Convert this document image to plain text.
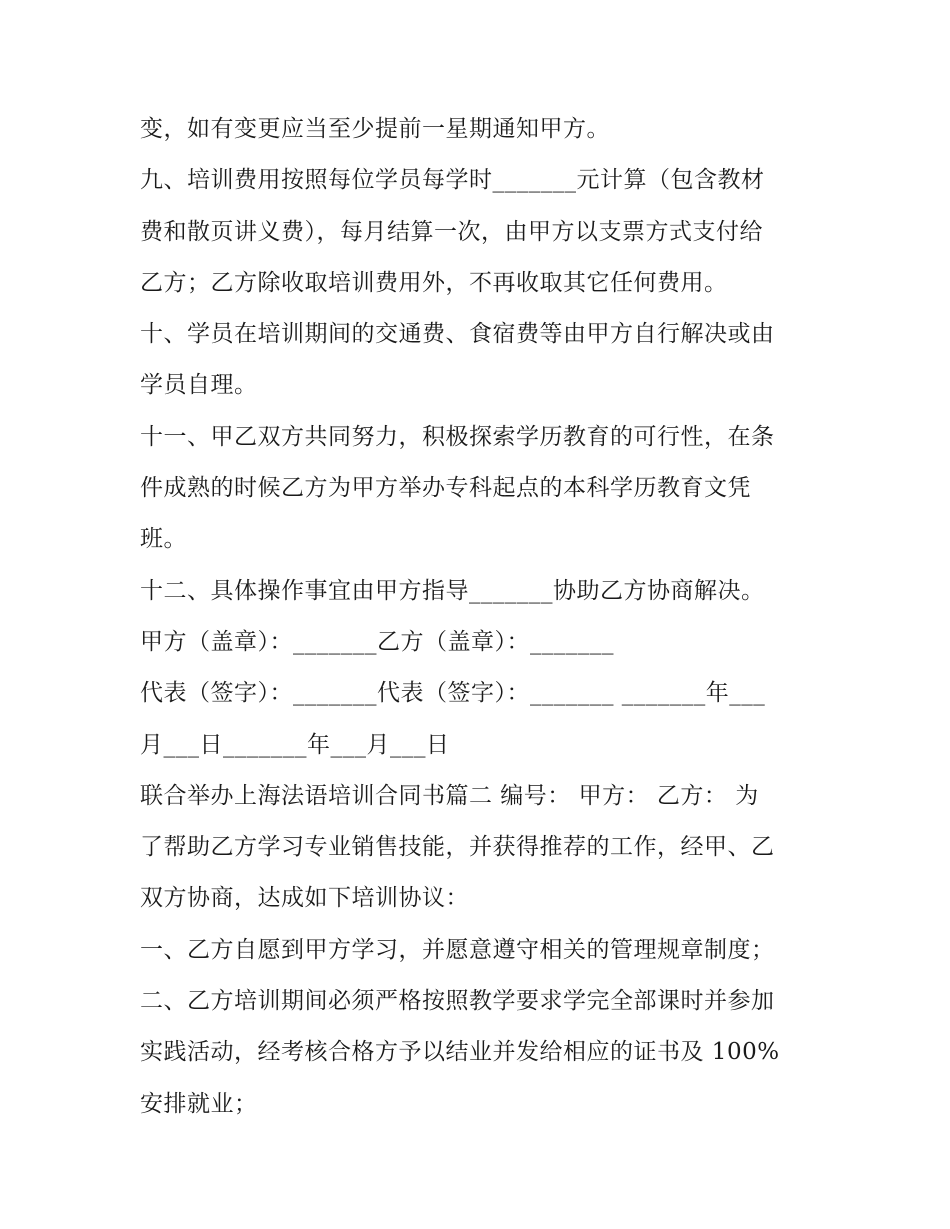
变，如有变更应当至少提前一星期通知甲方。
九、培训费用按照每位学员每学时_______元计算（包含教材
费和散页讲义费），每月结算一次，由甲方以支票方式支付给
乙方；乙方除收取培训费用外，不再收取其它任何费用。
十、学员在培训期间的交通费、食宿费等由甲方自行解决或由
学员自理。
十一、甲乙双方共同努力，积极探索学历教育的可行性，在条
件成熟的时候乙方为甲方举办专科起点的本科学历教育文凭
班。
十二、具体操作事宜由甲方指导_______协助乙方协商解决。
甲方（盖章）：_______乙方（盖章）：_______
代表（签字）：_______代表（签字）：_______ _______年___
月___日_______年___月___日
联合举办上海法语培训合同书篇二 编号： 甲方： 乙方： 为
了帮助乙方学习专业销售技能，并获得推荐的工作，经甲、乙
双方协商，达成如下培训协议：
一、乙方自愿到甲方学习，并愿意遵守相关的管理规章制度；
二、乙方培训期间必须严格按照教学要求学完全部课时并参加
实践活动，经考核合格方予以结业并发给相应的证书及 100%
安排就业；
